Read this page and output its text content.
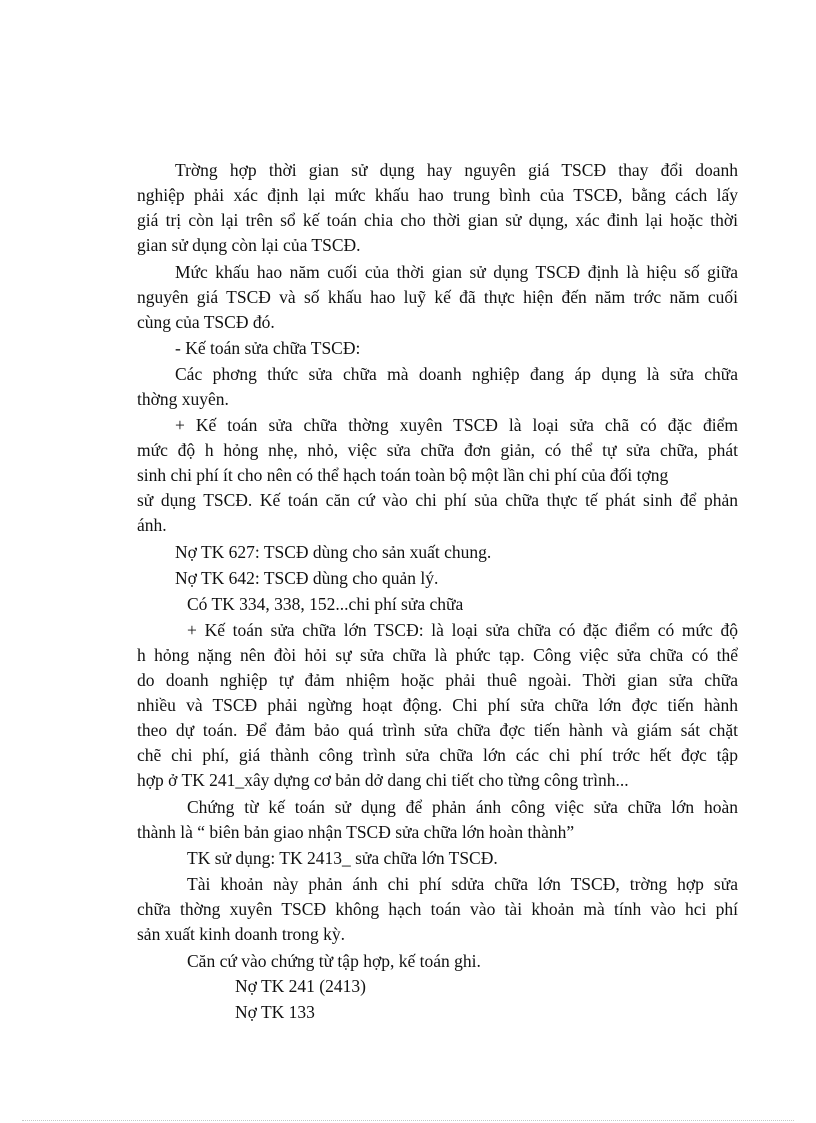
Trờng hợp thời gian sử dụng hay nguyên giá TSCĐ thay đổi doanh
nghiệp phải xác định lại mức khấu hao trung bình của TSCĐ, bằng cách lấy
giá trị còn lại trên sổ kế toán chia cho thời gian sử dụng, xác đinh lại hoặc thời
gian sử dụng còn lại của TSCĐ.
Mức khấu hao năm cuối của thời gian sử dụng TSCĐ định là hiệu số giữa
nguyên giá TSCĐ và số khấu hao luỹ kế đã thực hiện đến năm trớc năm cuối
cùng của TSCĐ đó.
- Kế toán sửa chữa TSCĐ:
Các phơng thức sửa chữa mà doanh nghiệp đang áp dụng là sửa chữa
thờng xuyên.
+ Kế toán sửa chữa thờng xuyên TSCĐ là loại sửa chã có đặc điểm
mức độ h hỏng nhẹ, nhỏ, việc sửa chữa đơn giản, có thể tự sửa chữa, phát
sinh chi phí ít cho nên có thể hạch toán toàn bộ một lần chi phí của đối tợng
sử dụng TSCĐ. Kế toán căn cứ vào chi phí sủa chữa thực tế phát sinh để phản
ánh.
Nợ TK 627: TSCĐ dùng cho sản xuất chung.
Nợ TK 642: TSCĐ dùng cho quản lý.
Có TK 334, 338, 152...chi phí sửa chữa
+ Kế toán sửa chữa lớn TSCĐ: là loại sửa chữa có đặc điểm có mức độ
h hỏng nặng nên đòi hỏi sự sửa chữa là phức tạp. Công việc sửa chữa có thể
do doanh nghiệp tự đảm nhiệm hoặc phải thuê ngoài. Thời gian sửa chữa
nhiều và TSCĐ phải ngừng hoạt động. Chi phí sửa chữa lớn đợc tiến hành
theo dự toán. Để đảm bảo quá trình sửa chữa đợc tiến hành và giám sát chặt
chẽ chi phí, giá thành công trình sửa chữa lớn các chi phí trớc hết đợc tập
hợp ở TK 241_xây dựng cơ bản dở dang chi tiết cho từng công trình...
Chứng từ kế toán sử dụng để phản ánh công việc sửa chữa lớn hoàn
thành là “ biên bản giao nhận TSCĐ sửa chữa lớn hoàn thành”
TK sử dụng: TK 2413_ sửa chữa lớn TSCĐ.
Tài khoản này phản ánh chi phí sdửa chữa lớn TSCĐ, trờng hợp sửa
chữa thờng xuyên TSCĐ không hạch toán vào tài khoản mà tính vào hci phí
sản xuất kinh doanh trong kỳ.
Căn cứ vào chứng từ tập hợp, kế toán ghi.
Nợ TK 241 (2413)
Nợ TK 133
